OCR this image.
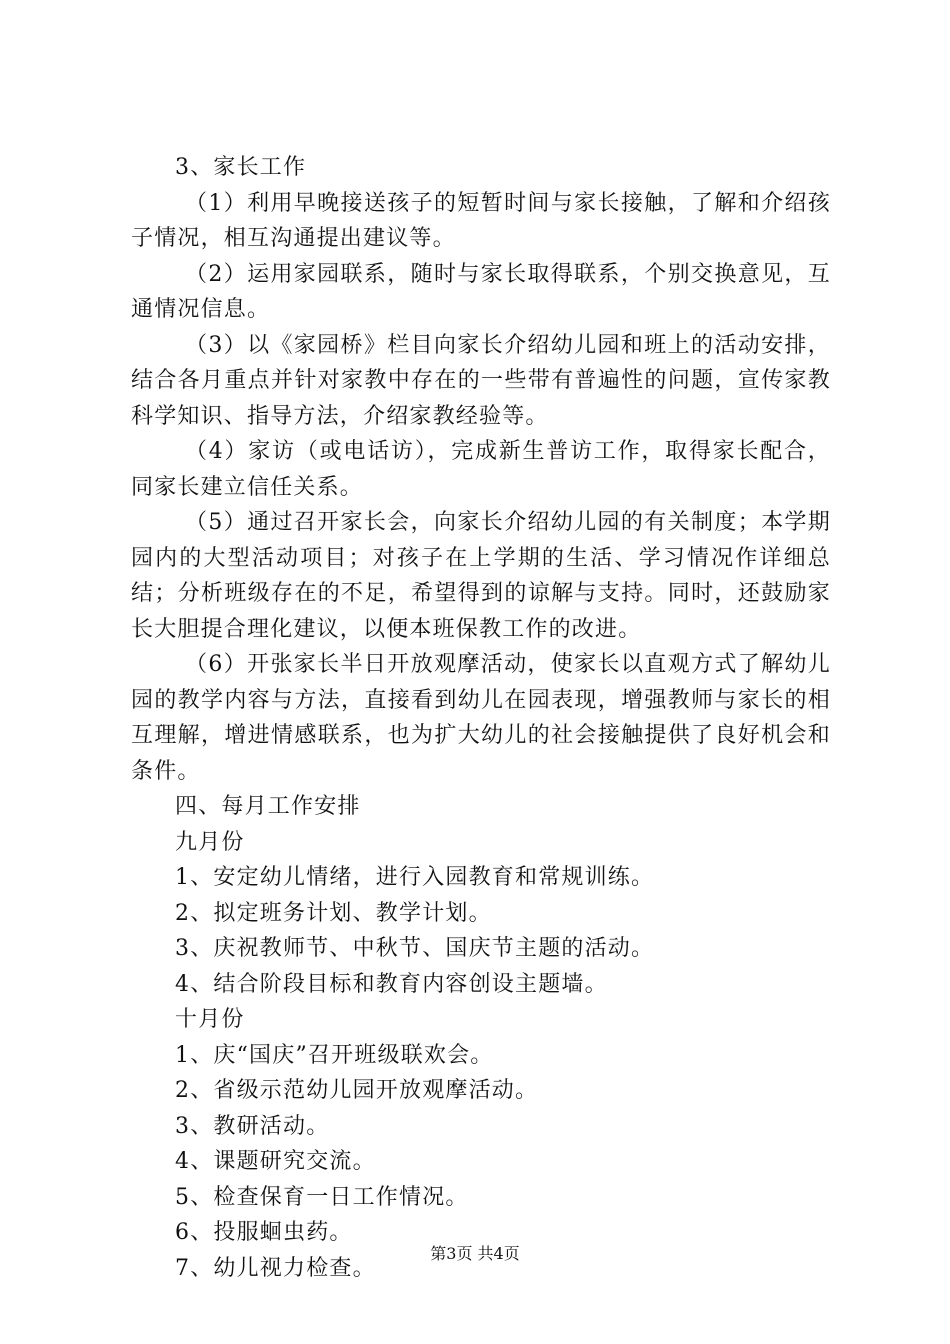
3、家长工作

（1）利用早晚接送孩子的短暂时间与家长接触，了解和介绍孩子情况，相互沟通提出建议等。

（2）运用家园联系，随时与家长取得联系，个别交换意见，互通情况信息。

（3）以《家园桥》栏目向家长介绍幼儿园和班上的活动安排，结合各月重点并针对家教中存在的一些带有普遍性的问题，宣传家教科学知识、指导方法，介绍家教经验等。

（4）家访（或电话访），完成新生普访工作，取得家长配合，同家长建立信任关系。

（5）通过召开家长会，向家长介绍幼儿园的有关制度；本学期园内的大型活动项目；对孩子在上学期的生活、学习情况作详细总结；分析班级存在的不足，希望得到的谅解与支持。同时，还鼓励家长大胆提合理化建议，以便本班保教工作的改进。

（6）开张家长半日开放观摩活动，使家长以直观方式了解幼儿园的教学内容与方法，直接看到幼儿在园表现，增强教师与家长的相互理解，增进情感联系，也为扩大幼儿的社会接触提供了良好机会和条件。

四、每月工作安排

九月份

1、安定幼儿情绪，进行入园教育和常规训练。

2、拟定班务计划、教学计划。

3、庆祝教师节、中秋节、国庆节主题的活动。

4、结合阶段目标和教育内容创设主题墙。

十月份

1、庆“国庆”召开班级联欢会。

2、省级示范幼儿园开放观摩活动。

3、教研活动。

4、课题研究交流。

5、检查保育一日工作情况。

6、投服蛔虫药。

7、幼儿视力检查。

第3页 共4页
